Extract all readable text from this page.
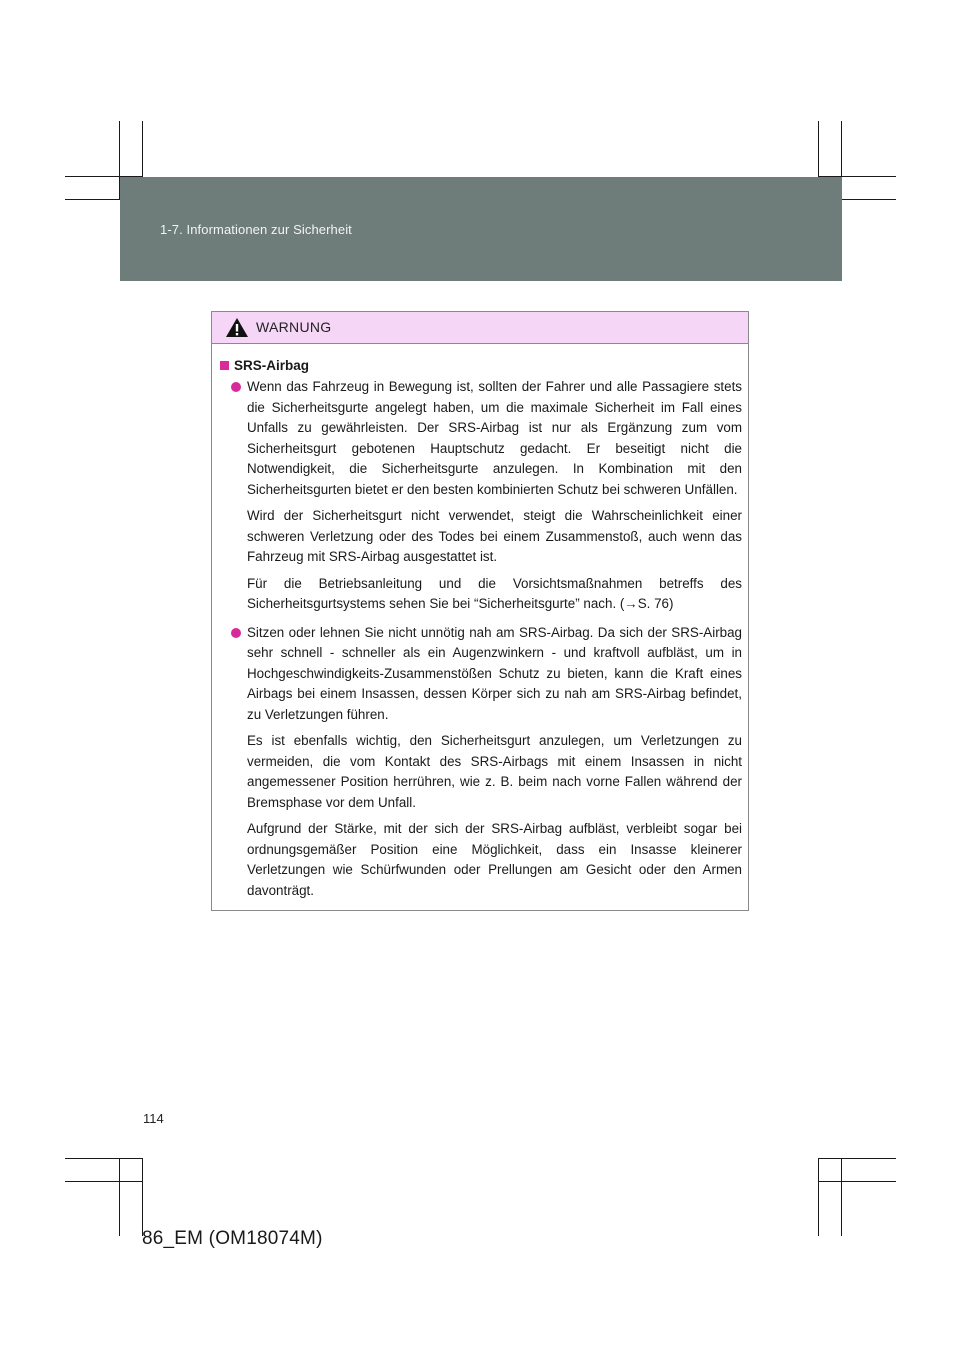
1-7. Informationen zur Sicherheit
WARNUNG
SRS-Airbag

Wenn das Fahrzeug in Bewegung ist, sollten der Fahrer und alle Passagiere stets die Sicherheitsgurte angelegt haben, um die maximale Sicherheit im Fall eines Unfalls zu gewährleisten. Der SRS-Airbag ist nur als Ergänzung zum vom Sicherheitsgurt gebotenen Hauptschutz gedacht. Er beseitigt nicht die Notwendigkeit, die Sicherheitsgurte anzulegen. In Kombination mit den Sicherheitsgurten bietet er den besten kombinierten Schutz bei schweren Unfällen.

Wird der Sicherheitsgurt nicht verwendet, steigt die Wahrscheinlichkeit einer schweren Verletzung oder des Todes bei einem Zusammenstoß, auch wenn das Fahrzeug mit SRS-Airbag ausgestattet ist.

Für die Betriebsanleitung und die Vorsichtsmaßnahmen betreffs des Sicherheitsgurtsystems sehen Sie bei “Sicherheitsgurte” nach. (→S. 76)

Sitzen oder lehnen Sie nicht unnötig nah am SRS-Airbag. Da sich der SRS-Airbag sehr schnell - schneller als ein Augenzwinkern - und kraftvoll aufbläst, um in Hochgeschwindigkeits-Zusammenstößen Schutz zu bieten, kann die Kraft eines Airbags bei einem Insassen, dessen Körper sich zu nah am SRS-Airbag befindet, zu Verletzungen führen.

Es ist ebenfalls wichtig, den Sicherheitsgurt anzulegen, um Verletzungen zu vermeiden, die vom Kontakt des SRS-Airbags mit einem Insassen in nicht angemessener Position herrühren, wie z. B. beim nach vorne Fallen während der Bremsphase vor dem Unfall.

Aufgrund der Stärke, mit der sich der SRS-Airbag aufbläst, verbleibt sogar bei ordnungsgemäßer Position eine Möglichkeit, dass ein Insasse kleinerer Verletzungen wie Schürfwunden oder Prellungen am Gesicht oder den Armen davonträgt.

114
86_EM (OM18074M)
